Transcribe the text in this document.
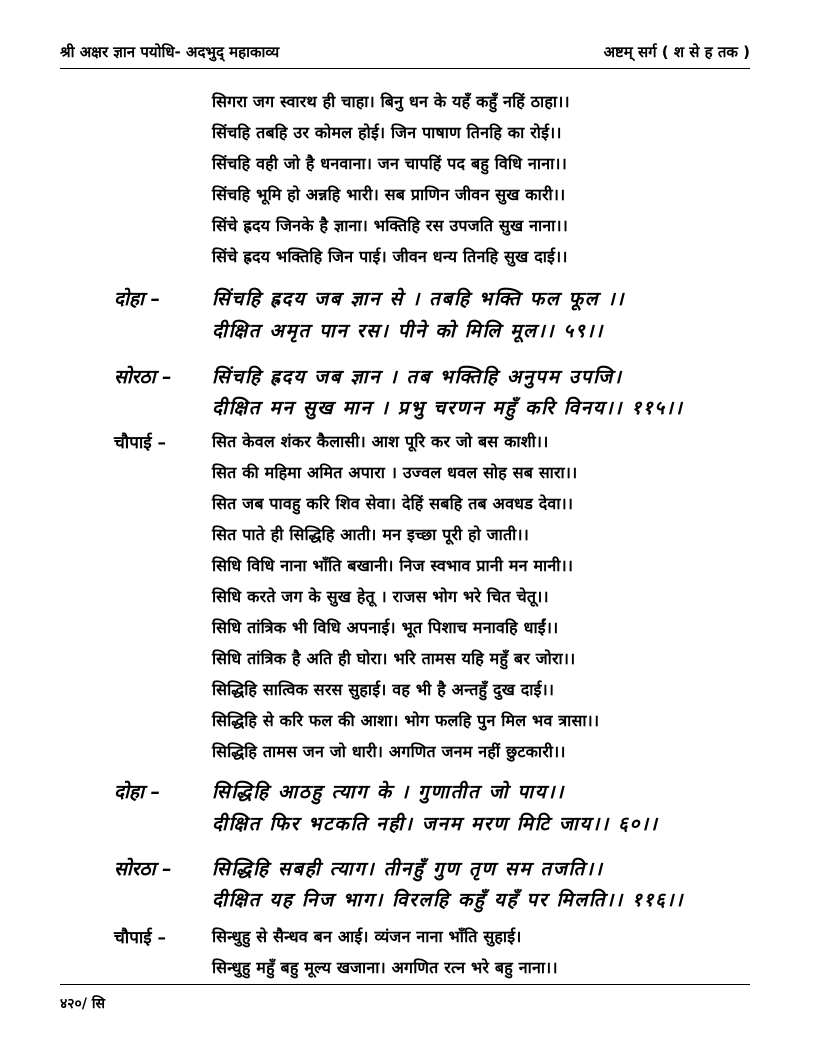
श्री अक्षर ज्ञान पयोधि- अदभुद् महाकाव्य	अष्टम् सर्ग ( श से ह तक )
सिगरा जग स्वारथ ही चाहा। बिनु धन के यहँ कहुँ नहिं ठाहा।।
सिंचहि तबहि उर कोमल होई। जिन पाषाण तिनहि का रोई।।
सिंचहि वही जो है धनवाना। जन चापहिं पद बहु विधि नाना।।
सिंचहि भूमि हो अन्नहि भारी। सब प्राणिन जीवन सुख कारी।।
सिंचे ह्रदय जिनके है ज्ञाना। भक्तिहि रस उपजति सुख नाना।।
सिंचे ह्रदय भक्तिहि जिन पाई। जीवन धन्य तिनहि सुख दाई।।
दोहा –	सिंचहि ह्रदय जब ज्ञान से । तबहि भक्ति फल फूल ।।
दीक्षित अमृत पान रस। पीने को मिलि मूल।। ५९।।
सोरठा – सिंचहि ह्रदय जब ज्ञान । तब भक्तिहि अनुपम उपजि।
दीक्षित मन सुख मान । प्रभु चरणन महुँ करि विनय।। ११५।।
चौपाई –	सित केवल शंकर कैलासी। आश पूरि कर जो बस काशी।।
सित की महिमा अमित अपारा । उज्वल धवल सोह सब सारा।।
सित जब पावहु करि शिव सेवा। देहिं सबहि तब अवधड देवा।।
सित पाते ही सिद्धिहि आती। मन इच्छा पूरी हो जाती।।
सिधि विधि नाना भाँति बखानी। निज स्वभाव प्रानी मन मानी।।
सिधि करते जग के सुख हेतू । राजस भोग भरे चित चेतू।।
सिधि तांत्रिक भी विधि अपनाई। भूत पिशाच मनावहि धाईं।।
सिधि तांत्रिक है अति ही घोरा। भरि तामस यहि महुँ बर जोरा।।
सिद्धिहि सात्विक सरस सुहाई। वह भी है अन्तहुँ दुख दाई।।
सिद्धिहि से करि फल की आशा। भोग फलहि पुन मिल भव त्रासा।।
सिद्धिहि तामस जन जो धारी। अगणित जनम नहीं छुटकारी।।
दोहा –	सिद्धिहि आठहु त्याग के । गुणातीत जो पाय।।
दीक्षित फिर भटकति नही। जनम मरण मिटि जाय।। ६०।।
सोरठा – सिद्धिहि सबही त्याग। तीनहुँ गुण तृण सम तजति।।
दीक्षित यह निज भाग। विरलहि कहुँ यहँ पर मिलति।। ११६।।
चौपाई –	सिन्धुहु से सैन्धव बन आई। व्यंजन नाना भाँति सुहाई।
सिन्धुहु महुँ बहु मूल्य खजाना। अगणित रत्न भरे बहु नाना।।
४२०/ सि
